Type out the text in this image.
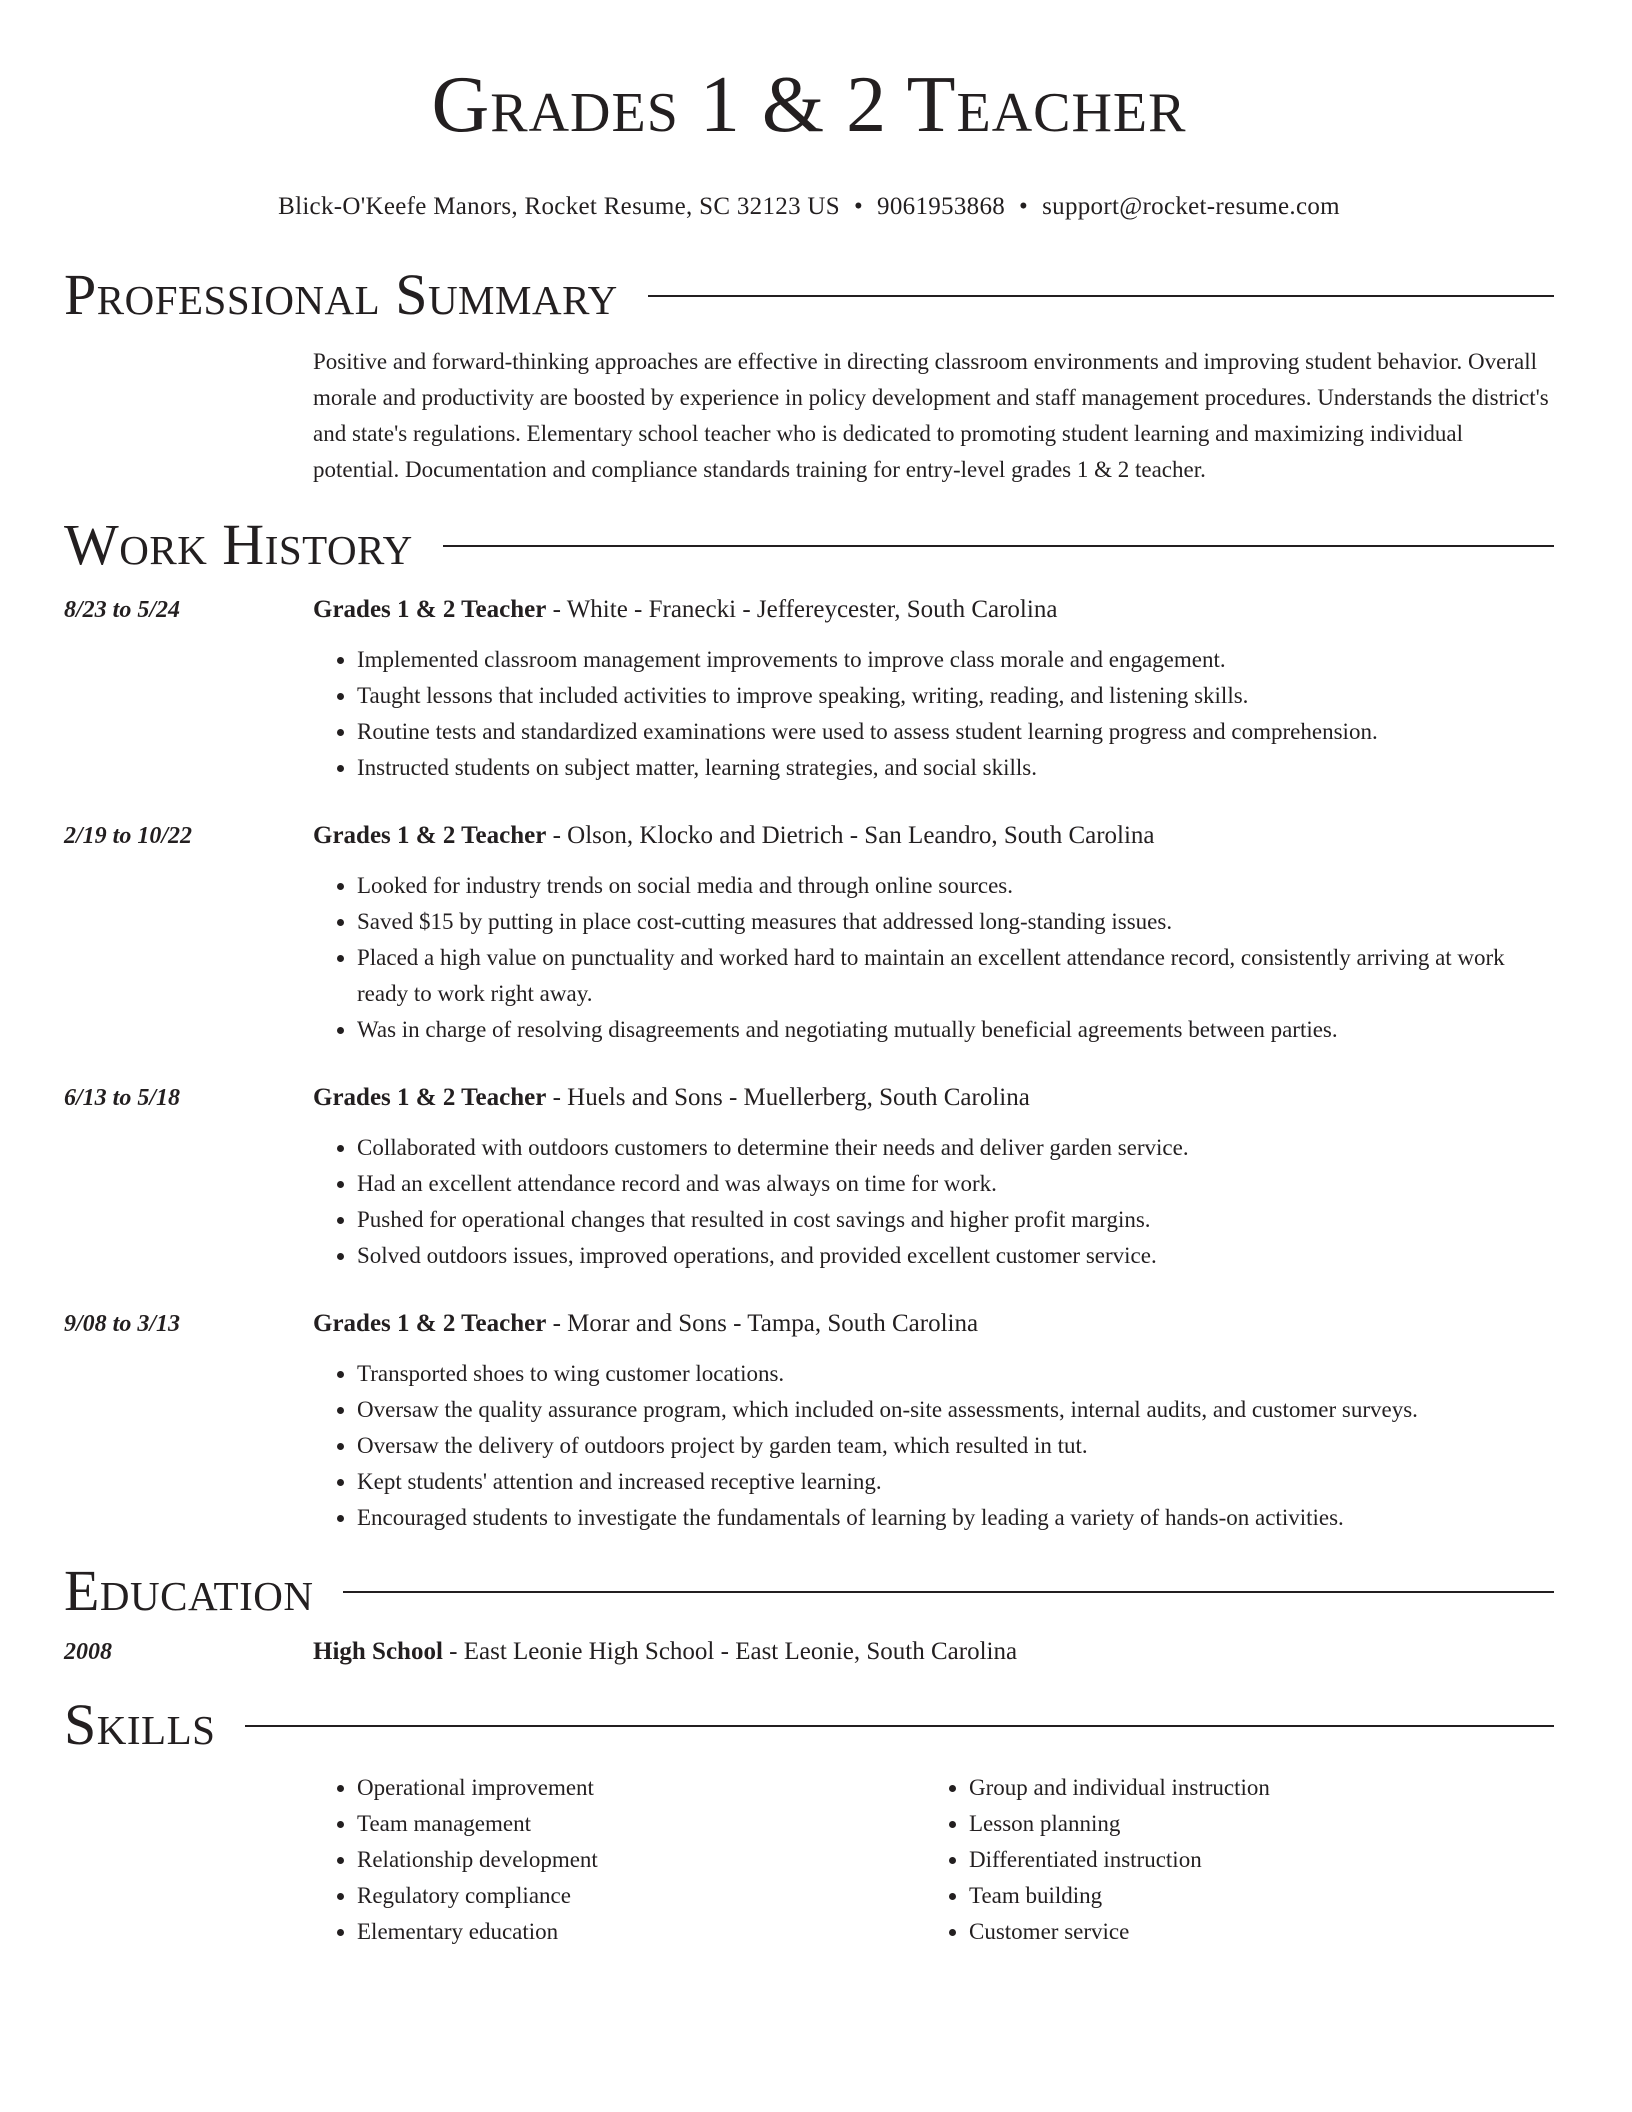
Grades 1 & 2 Teacher
Blick-O'Keefe Manors, Rocket Resume, SC 32123 US • 9061953868 • support@rocket-resume.com
Professional Summary
Positive and forward-thinking approaches are effective in directing classroom environments and improving student behavior. Overall morale and productivity are boosted by experience in policy development and staff management procedures. Understands the district's and state's regulations. Elementary school teacher who is dedicated to promoting student learning and maximizing individual potential. Documentation and compliance standards training for entry-level grades 1 & 2 teacher.
Work History
8/23 to 5/24	Grades 1 & 2 Teacher - White - Franecki - Jeffereycester, South Carolina
• Implemented classroom management improvements to improve class morale and engagement.
• Taught lessons that included activities to improve speaking, writing, reading, and listening skills.
• Routine tests and standardized examinations were used to assess student learning progress and comprehension.
• Instructed students on subject matter, learning strategies, and social skills.
2/19 to 10/22	Grades 1 & 2 Teacher - Olson, Klocko and Dietrich - San Leandro, South Carolina
• Looked for industry trends on social media and through online sources.
• Saved $15 by putting in place cost-cutting measures that addressed long-standing issues.
• Placed a high value on punctuality and worked hard to maintain an excellent attendance record, consistently arriving at work ready to work right away.
• Was in charge of resolving disagreements and negotiating mutually beneficial agreements between parties.
6/13 to 5/18	Grades 1 & 2 Teacher - Huels and Sons - Muellerberg, South Carolina
• Collaborated with outdoors customers to determine their needs and deliver garden service.
• Had an excellent attendance record and was always on time for work.
• Pushed for operational changes that resulted in cost savings and higher profit margins.
• Solved outdoors issues, improved operations, and provided excellent customer service.
9/08 to 3/13	Grades 1 & 2 Teacher - Morar and Sons - Tampa, South Carolina
• Transported shoes to wing customer locations.
• Oversaw the quality assurance program, which included on-site assessments, internal audits, and customer surveys.
• Oversaw the delivery of outdoors project by garden team, which resulted in tut.
• Kept students' attention and increased receptive learning.
• Encouraged students to investigate the fundamentals of learning by leading a variety of hands-on activities.
Education
2008	High School - East Leonie High School - East Leonie, South Carolina
Skills
• Operational improvement
• Team management
• Relationship development
• Regulatory compliance
• Elementary education
• Group and individual instruction
• Lesson planning
• Differentiated instruction
• Team building
• Customer service
